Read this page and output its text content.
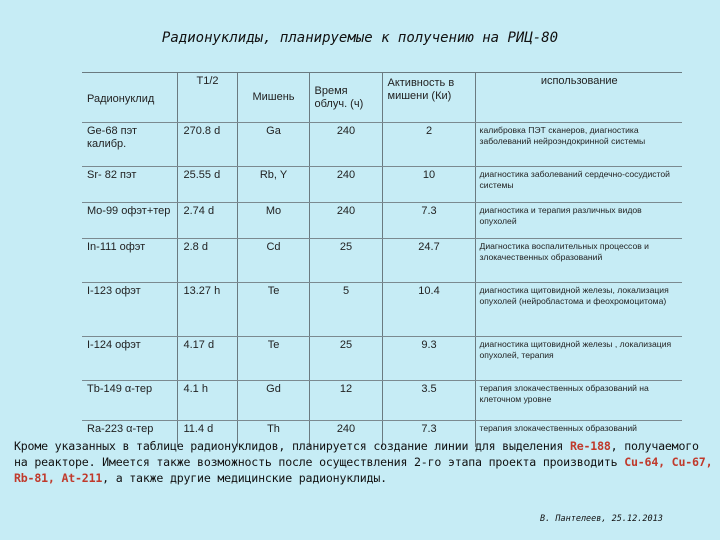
Радионуклиды, планируемые к получению на РИЦ-80
Радионуклид	T1/2	Мишень	Время облуч. (ч)	Активность в мишени (Ки)	использование

Ge-68 пэт калибр.	270.8 d	Ga	240	2	калибровка ПЭТ сканеров, диагностика заболеваний нейроэндокринной системы
Sr- 82 пэт	25.55 d	Rb, Y	240	10	диагностика заболеваний сердечно-сосудистой системы
Mo-99 офэт+тер	2.74 d	Mo	240	7.3	диагностика и терапия различных видов опухолей
In-111 офэт	2.8 d	Cd	25	24.7	Диагностика воспалительных процессов и злокачественных образований
I-123 офэт	13.27 h	Te	5	10.4	диагностика щитовидной железы, локализация опухолей (нейробластома и феохромоцитома)
I-124 офэт	4.17 d	Te	25	9.3	диагностика щитовидной железы , локализация опухолей, терапия
Tb-149 α-тер	4.1 h	Gd	12	3.5	терапия злокачественных образований на клеточном уровне
Ra-223 α-тер	11.4 d	Th	240	7.3	терапия злокачественных образований
Кроме указанных в таблице радионуклидов, планируется создание линии для выделения Re-188, получаемого на реакторе. Имеется также возможность после осуществления 2-го этапа проекта производить Cu-64, Cu-67, Rb-81, At-211, а также другие медицинские радионуклиды.
В. Пантелеев, 25.12.2013
